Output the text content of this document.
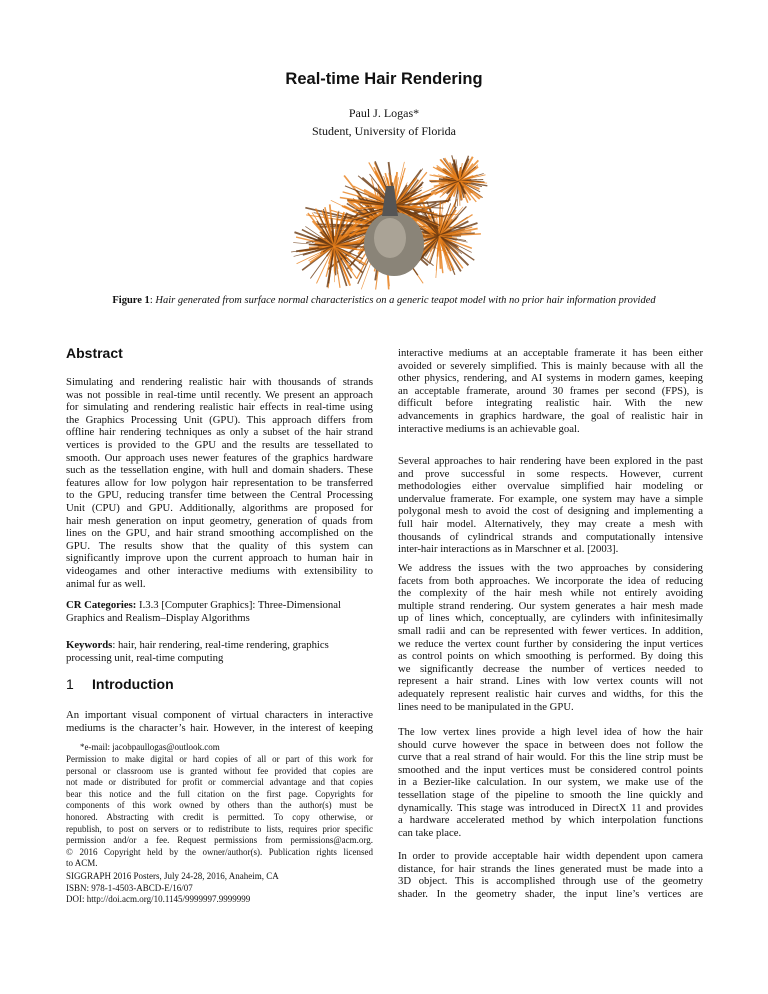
Real-time Hair Rendering
Paul J. Logas*
Student, University of Florida
Figure 1: Hair generated from surface normal characteristics on a generic teapot model with no prior hair information provided
Abstract
Simulating and rendering realistic hair with thousands of strands
was not possible in real-time until recently. We present an approach
for simulating and rendering realistic hair effects in real-time using
the Graphics Processing Unit (GPU). This approach differs from
offline hair rendering techniques as only a subset of the hair strand
vertices is provided to the GPU and the results are tessellated to
smooth. Our approach uses newer features of the graphics hardware
such as the tessellation engine, with hull and domain shaders. These
features allow for low polygon hair representation to be transferred
to the GPU, reducing transfer time between the Central Processing
Unit (CPU) and GPU. Additionally, algorithms are proposed for
hair mesh generation on input geometry, generation of quads from
lines on the GPU, and hair strand smoothing accomplished on the
GPU. The results show that the quality of this system can
significantly improve upon the current approach to human hair in
videogames and other interactive mediums with extensibility to
animal fur as well.
CR Categories: I.3.3 [Computer Graphics]: Three-Dimensional
Graphics and Realism–Display Algorithms
Keywords: hair, hair rendering, real-time rendering, graphics
processing unit, real-time computing
1 Introduction
An important visual component of virtual characters in interactive
mediums is the character’s hair. However, in the interest of keeping
*e-mail: jacobpaullogas@outlook.com
Permission to make digital or hard copies of all or part of this work for
personal or classroom use is granted without fee provided that copies are
not made or distributed for profit or commercial advantage and that copies
bear this notice and the full citation on the first page. Copyrights for
components of this work owned by others than the author(s) must be
honored. Abstracting with credit is permitted. To copy otherwise, or
republish, to post on servers or to redistribute to lists, requires prior specific
permission and/or a fee. Request permissions from permissions@acm.org.
© 2016 Copyright held by the owner/author(s). Publication rights licensed
to ACM.
SIGGRAPH 2016 Posters, July 24-28, 2016, Anaheim, CA
ISBN: 978-1-4503-ABCD-E/16/07
DOI: http://doi.acm.org/10.1145/9999997.9999999
interactive mediums at an acceptable framerate it has been either
avoided or severely simplified. This is mainly because with all the
other physics, rendering, and AI systems in modern games, keeping
an acceptable framerate, around 30 frames per second (FPS), is
difficult before integrating realistic hair. With the new
advancements in graphics hardware, the goal of realistic hair in
interactive mediums is an achievable goal.
Several approaches to hair rendering have been explored in the past
and prove successful in some respects. However, current
methodologies either overvalue simplified hair modeling or
undervalue framerate. For example, one system may have a simple
polygonal mesh to avoid the cost of designing and implementing a
full hair model. Alternatively, they may create a mesh with
thousands of cylindrical strands and computationally intensive
inter-hair interactions as in Marschner et al. [2003].
We address the issues with the two approaches by considering
facets from both approaches. We incorporate the idea of reducing
the complexity of the hair mesh while not entirely avoiding
multiple strand rendering. Our system generates a hair mesh made
up of lines which, conceptually, are cylinders with infinitesimally
small radii and can be represented with fewer vertices. In addition,
we reduce the vertex count further by considering the input vertices
as control points on which smoothing is performed. By doing this
we significantly decrease the number of vertices needed to
represent a hair strand. Lines with low vertex counts will not
adequately represent realistic hair curves and widths, for this the
lines need to be manipulated in the GPU.
The low vertex lines provide a high level idea of how the hair
should curve however the space in between does not follow the
curve that a real strand of hair would. For this the line strip must be
smoothed and the input vertices must be considered control points
in a Bezier-like calculation. In our system, we make use of the
tessellation stage of the pipeline to smooth the line quickly and
dynamically. This stage was introduced in DirectX 11 and provides
a hardware accelerated method by which interpolation functions
can take place.
In order to provide acceptable hair width dependent upon camera
distance, for hair strands the lines generated must be made into a
3D object. This is accomplished through use of the geometry
shader. In the geometry shader, the input line’s vertices are
